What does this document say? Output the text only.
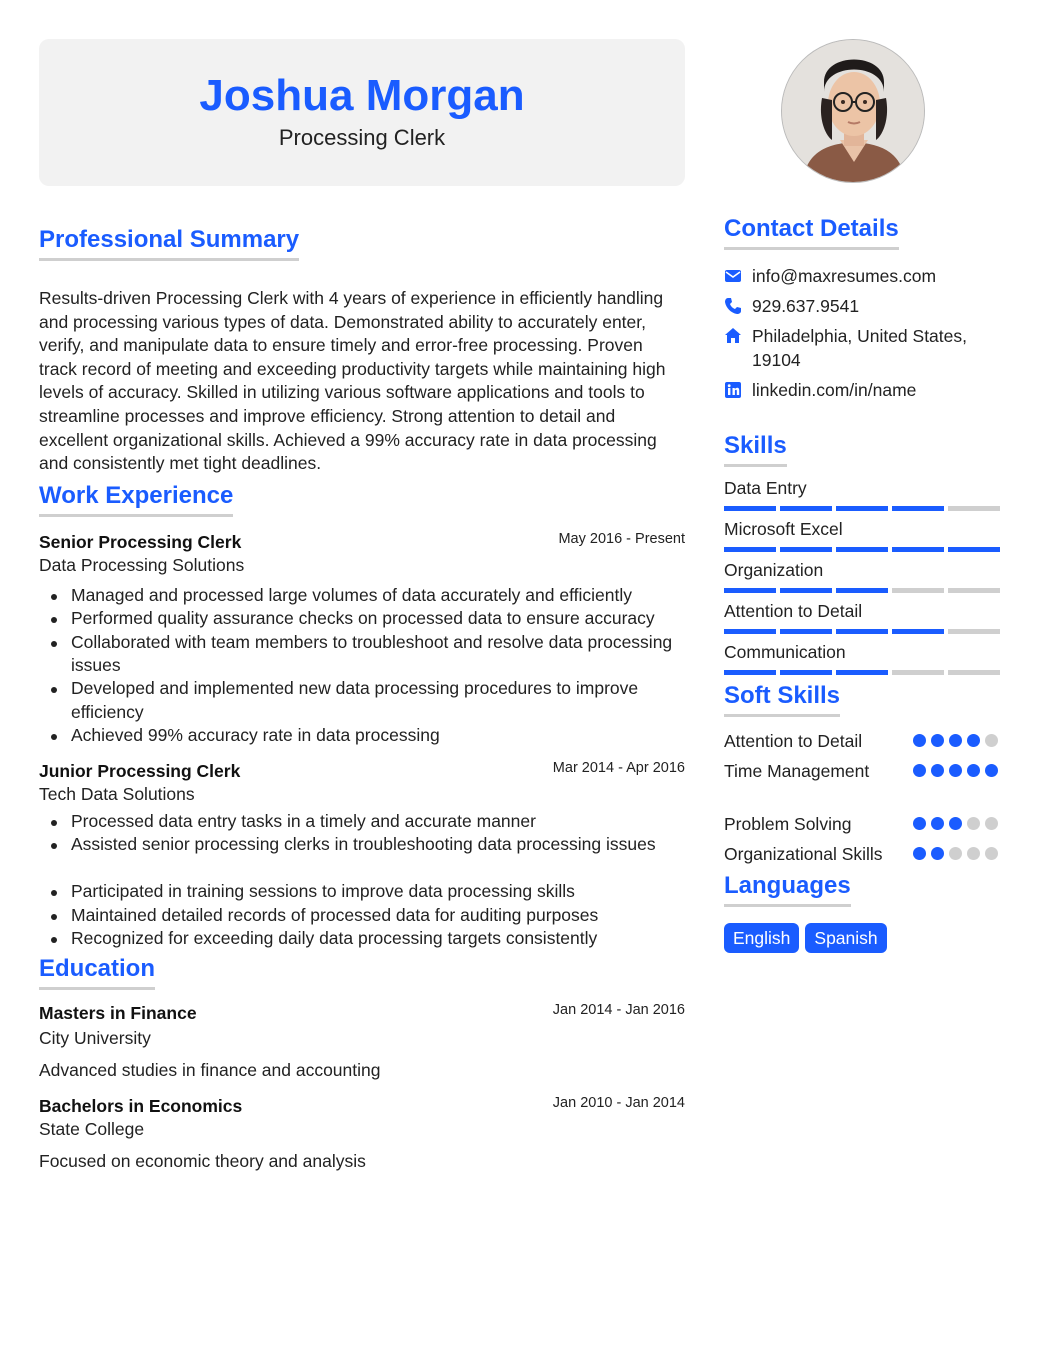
Joshua Morgan
Processing Clerk
Professional Summary

Results-driven Processing Clerk with 4 years of experience in efficiently handling and processing various types of data. Demonstrated ability to accurately enter, verify, and manipulate data to ensure timely and error-free processing. Proven track record of meeting and exceeding productivity targets while maintaining high levels of accuracy. Skilled in utilizing various software applications and tools to streamline processes and improve efficiency. Strong attention to detail and excellent organizational skills. Achieved a 99% accuracy rate in data processing and consistently met tight deadlines.

Work Experience
Senior Processing Clerk	May 2016 - Present
Data Processing Solutions
Managed and processed large volumes of data accurately and efficiently
Performed quality assurance checks on processed data to ensure accuracy
Collaborated with team members to troubleshoot and resolve data processing issues
Developed and implemented new data processing procedures to improve efficiency
Achieved 99% accuracy rate in data processing
Junior Processing Clerk	Mar 2014 - Apr 2016
Tech Data Solutions
Processed data entry tasks in a timely and accurate manner
Assisted senior processing clerks in troubleshooting data processing issues
Participated in training sessions to improve data processing skills
Maintained detailed records of processed data for auditing purposes
Recognized for exceeding daily data processing targets consistently
Education
Masters in Finance	Jan 2014 - Jan 2016
City University
Advanced studies in finance and accounting
Bachelors in Economics	Jan 2010 - Jan 2014
State College
Focused on economic theory and analysis
Contact Details
info@maxresumes.com
929.637.9541
Philadelphia, United States, 19104
linkedin.com/in/name
Skills
Data Entry
Microsoft Excel
Organization
Attention to Detail
Communication
Soft Skills
Attention to Detail
Time Management
Problem Solving
Organizational Skills
Languages
English	Spanish
